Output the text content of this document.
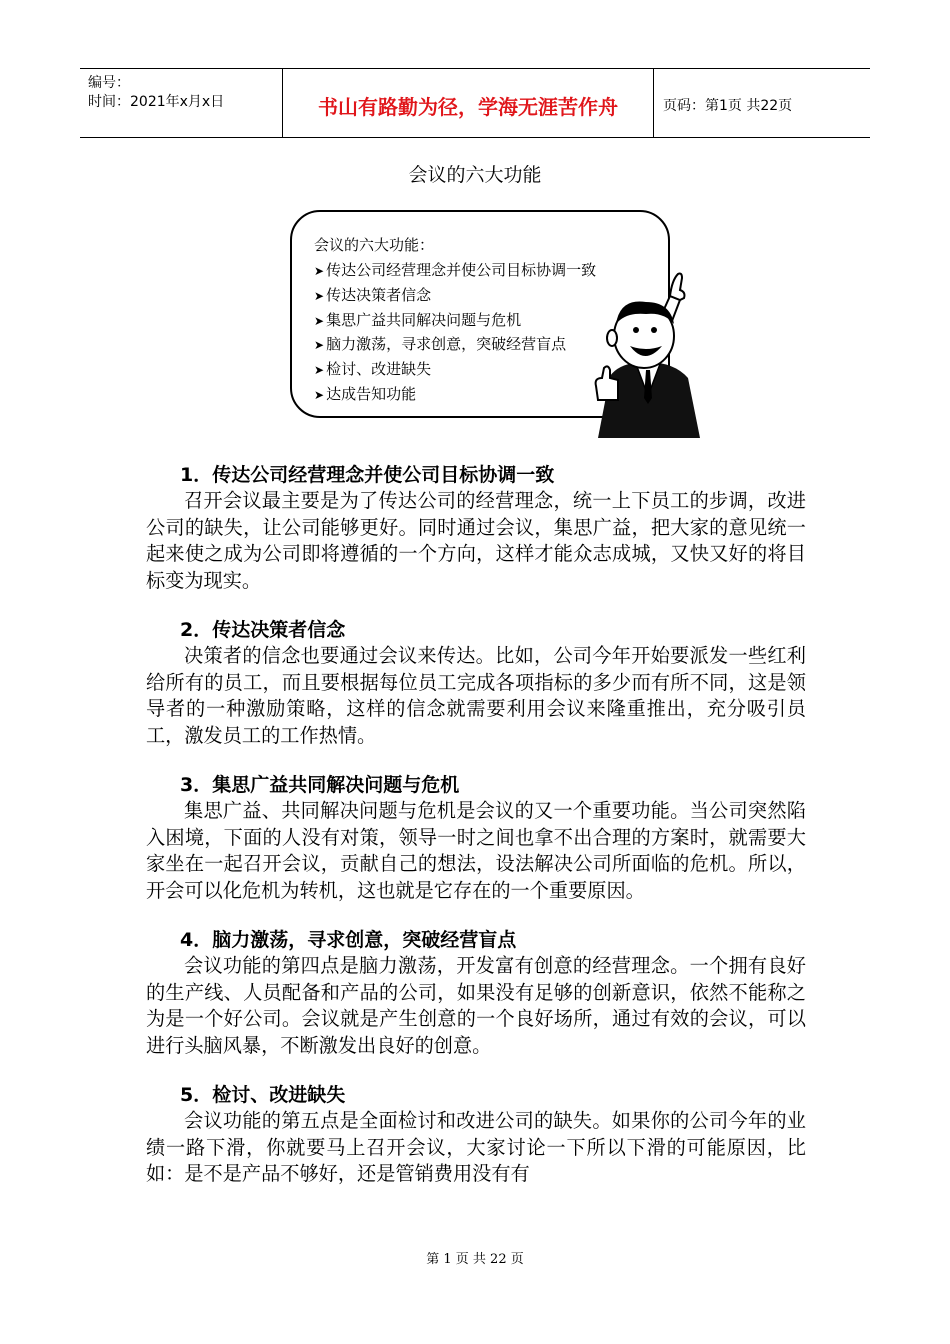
编号：
时间：2021年x月x日	书山有路勤为径，学海无涯苦作舟	页码：第1页 共22页
会议的六大功能
会议的六大功能：
➤ 传达公司经营理念并使公司目标协调一致
➤ 传达决策者信念
➤ 集思广益共同解决问题与危机
➤ 脑力激荡，寻求创意，突破经营盲点
➤ 检讨、改进缺失
➤ 达成告知功能
1．传达公司经营理念并使公司目标协调一致

召开会议最主要是为了传达公司的经营理念，统一上下员工的步调，改进公司的缺失，让公司能够更好。同时通过会议，集思广益，把大家的意见统一起来使之成为公司即将遵循的一个方向，这样才能众志成城，又快又好的将目标变为现实。

2．传达决策者信念

决策者的信念也要通过会议来传达。比如，公司今年开始要派发一些红利给所有的员工，而且要根据每位员工完成各项指标的多少而有所不同，这是领导者的一种激励策略，这样的信念就需要利用会议来隆重推出，充分吸引员工，激发员工的工作热情。

3．集思广益共同解决问题与危机

集思广益、共同解决问题与危机是会议的又一个重要功能。当公司突然陷入困境，下面的人没有对策，领导一时之间也拿不出合理的方案时，就需要大家坐在一起召开会议，贡献自己的想法，设法解决公司所面临的危机。所以，开会可以化危机为转机，这也就是它存在的一个重要原因。

4．脑力激荡，寻求创意，突破经营盲点

会议功能的第四点是脑力激荡，开发富有创意的经营理念。一个拥有良好的生产线、人员配备和产品的公司，如果没有足够的创新意识，依然不能称之为是一个好公司。会议就是产生创意的一个良好场所，通过有效的会议，可以进行头脑风暴，不断激发出良好的创意。

5．检讨、改进缺失

会议功能的第五点是全面检讨和改进公司的缺失。如果你的公司今年的业绩一路下滑，你就要马上召开会议，大家讨论一下所以下滑的可能原因，比如：是不是产品不够好，还是管销费用没有有

第 1 页 共 22 页
